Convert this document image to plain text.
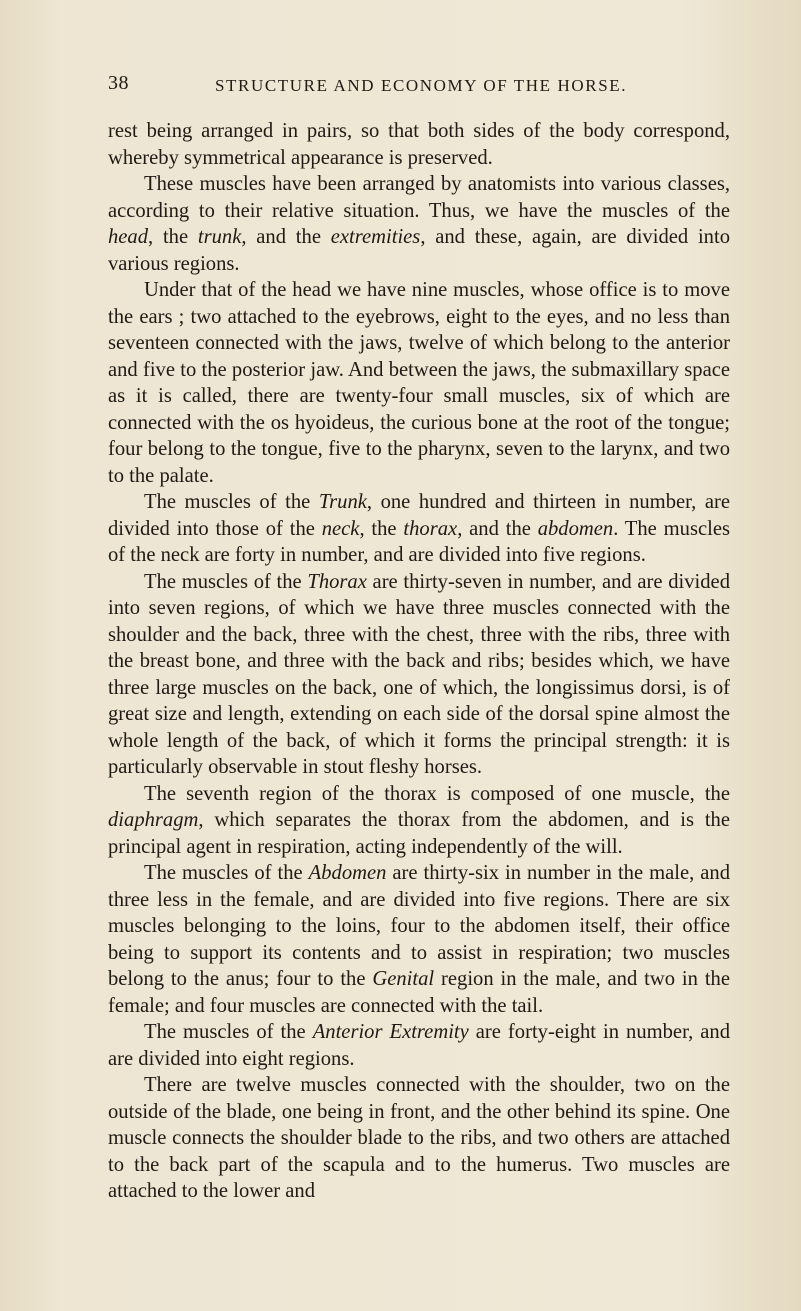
38	STRUCTURE AND ECONOMY OF THE HORSE.

rest being arranged in pairs, so that both sides of the body correspond, whereby symmetrical appearance is preserved.

These muscles have been arranged by anatomists into various classes, according to their relative situation. Thus, we have the muscles of the head, the trunk, and the extremities, and these, again, are divided into various regions.

Under that of the head we have nine muscles, whose office is to move the ears ; two attached to the eyebrows, eight to the eyes, and no less than seventeen connected with the jaws, twelve of which belong to the anterior and five to the posterior jaw. And between the jaws, the submaxillary space as it is called, there are twenty-four small muscles, six of which are connected with the os hyoideus, the curious bone at the root of the tongue; four belong to the tongue, five to the pharynx, seven to the larynx, and two to the palate.

The muscles of the Trunk, one hundred and thirteen in number, are divided into those of the neck, the thorax, and the abdomen. The muscles of the neck are forty in number, and are divided into five regions.

The muscles of the Thorax are thirty-seven in number, and are divided into seven regions, of which we have three muscles connected with the shoulder and the back, three with the chest, three with the ribs, three with the breast bone, and three with the back and ribs; besides which, we have three large muscles on the back, one of which, the longissimus dorsi, is of great size and length, extending on each side of the dorsal spine almost the whole length of the back, of which it forms the principal strength: it is particularly observable in stout fleshy horses.

The seventh region of the thorax is composed of one muscle, the diaphragm, which separates the thorax from the abdomen, and is the principal agent in respiration, acting independently of the will.

The muscles of the Abdomen are thirty-six in number in the male, and three less in the female, and are divided into five regions. There are six muscles belonging to the loins, four to the abdomen itself, their office being to support its contents and to assist in respiration; two muscles belong to the anus; four to the Genital region in the male, and two in the female; and four muscles are connected with the tail.

The muscles of the Anterior Extremity are forty-eight in number, and are divided into eight regions.

There are twelve muscles connected with the shoulder, two on the outside of the blade, one being in front, and the other behind its spine. One muscle connects the shoulder blade to the ribs, and two others are attached to the back part of the scapula and to the humerus. Two muscles are attached to the lower and
